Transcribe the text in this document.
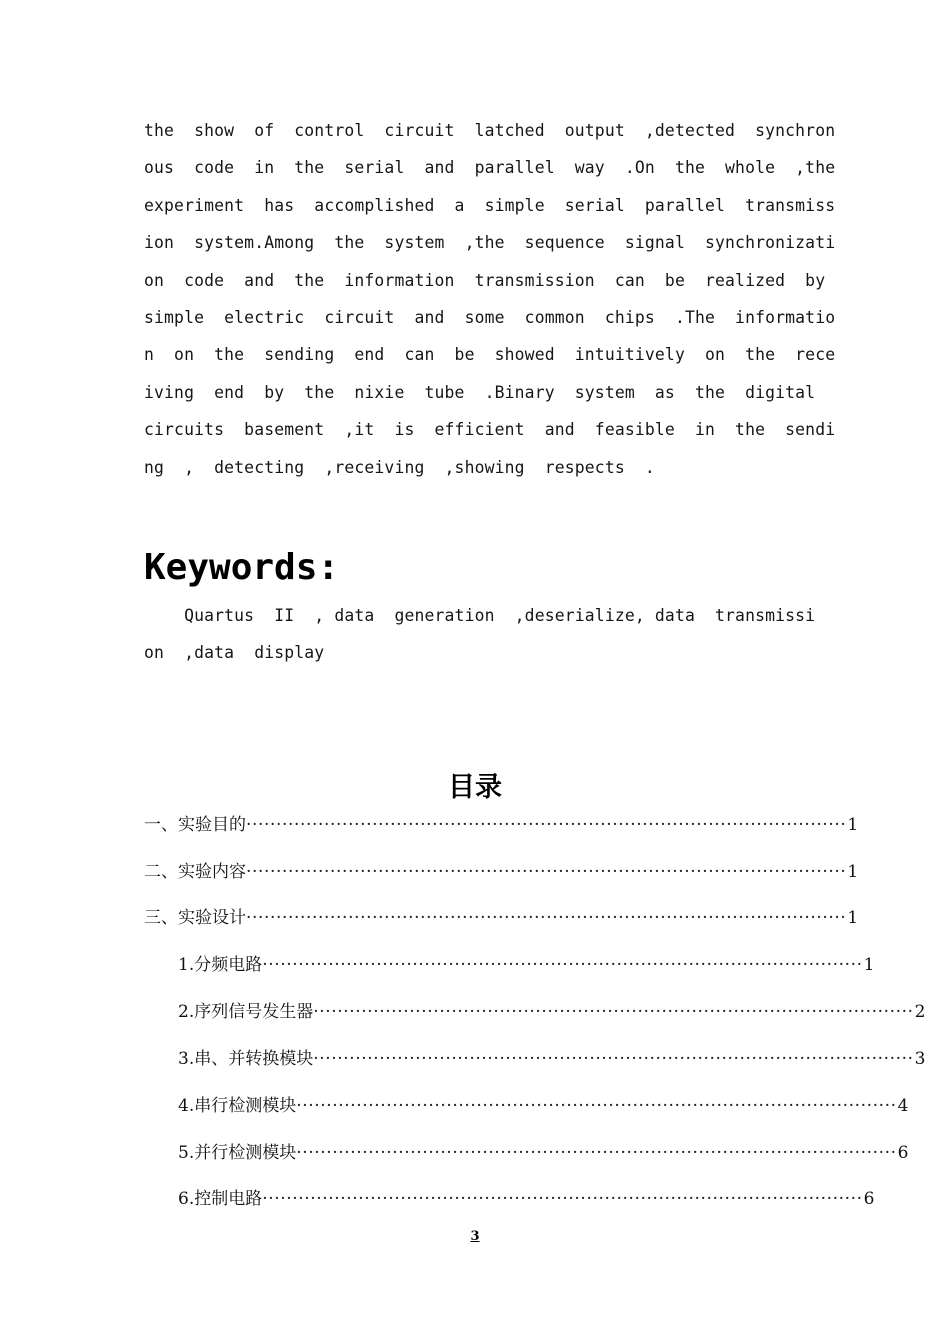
the  show  of  control  circuit  latched  output  ,detected  synchron
ous  code  in  the  serial  and  parallel  way  .On  the  whole  ,the
experiment  has  accomplished  a  simple  serial  parallel  transmiss
ion  system.Among  the  system  ,the  sequence  signal  synchronizati
on  code  and  the  information  transmission  can  be  realized  by
simple  electric  circuit  and  some  common  chips  .The  informatio
n  on  the  sending  end  can  be  showed  intuitively  on  the  rece
iving  end  by  the  nixie  tube  .Binary  system  as  the  digital
circuits  basement  ,it  is  efficient  and  feasible  in  the  sendi
ng  ,  detecting  ,receiving  ,showing  respects  .
Keywords:
Quartus  II  , data  generation  ,deserialize, data  transmissi
on  ,data  display
目录
一、 实验目的 ···································································································· 1
二、 实验内容 ···································································································· 1
三、 实验设计 ···································································································· 1
1. 分频电路 ···································································································· 1
2. 序列信号发生器 ···································································································· 2
3. 串、并转换模块 ···································································································· 3
4. 串行检测模块 ···································································································· 4
5. 并行检测模块 ···································································································· 6
6. 控制电路 ···································································································· 6
3
